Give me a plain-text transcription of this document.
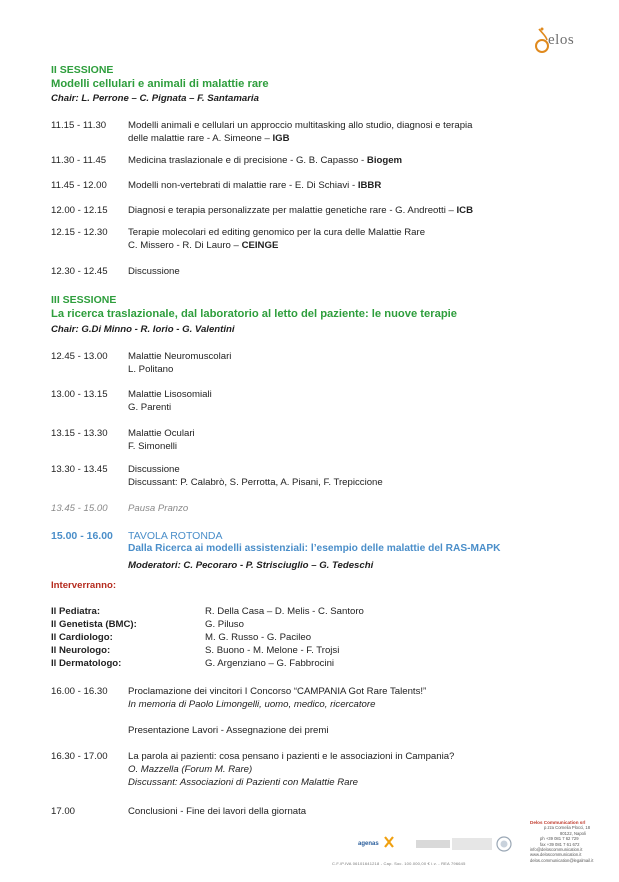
elos
II SESSIONE
Modelli cellulari e animali di malattie rare
Chair: L. Perrone – C. Pignata – F. Santamaria
11.15 - 11.30 Modelli animali e cellulari un approccio multitasking allo studio, diagnosi e terapia
delle malattie rare - A. Simeone – IGB
11.30 - 11.45 Medicina traslazionale e di precisione - G. B. Capasso - Biogem
11.45 - 12.00 Modelli non-vertebrati di malattie rare - E. Di Schiavi - IBBR
12.00 - 12.15 Diagnosi e terapia personalizzate per malattie genetiche rare - G. Andreotti – ICB
12.15 - 12.30 Terapie molecolari ed editing genomico per la cura delle Malattie Rare
C. Missero - R. Di Lauro – CEINGE
12.30 - 12.45 Discussione
III SESSIONE
La ricerca traslazionale, dal laboratorio al letto del paziente: le nuove terapie
Chair: G.Di Minno - R. Iorio - G. Valentini
12.45 - 13.00 Malattie Neuromuscolari
L. Politano
13.00 - 13.15 Malattie Lisosomiali
G. Parenti
13.15 - 13.30 Malattie Oculari
F. Simonelli
13.30 - 13.45 Discussione
Discussant: P. Calabrò, S. Perrotta, A. Pisani, F. Trepiccione
13.45 - 15.00 Pausa Pranzo
15.00 - 16.00 TAVOLA ROTONDA
Dalla Ricerca ai modelli assistenziali: l’esempio delle malattie del RAS-MAPK
Moderatori: C. Pecoraro - P. Strisciuglio – G. Tedeschi
Interverranno:
Il Pediatra:	R. Della Casa – D. Melis - C. Santoro
Il Genetista (BMC):	G. Piluso
Il Cardiologo:	M. G. Russo - G. Pacileo
Il Neurologo:	S. Buono - M. Melone - F. Trojsi
Il Dermatologo:	G. Argenziano – G. Fabbrocini
16.00 - 16.30 Proclamazione dei vincitori I Concorso “CAMPANIA Got Rare Talents!”
In memoria di Paolo Limongelli, uomo, medico, ricercatore
Presentazione Lavori - Assegnazione dei premi
16.30 - 17.00 La parola ai pazienti: cosa pensano i pazienti e le associazioni in Campania?
O. Mazzella (Forum M. Rare)
Discussant: Associazioni di Pazienti con Malattie Rare
17.00	Conclusioni - Fine dei lavori della giornata
agenas
Delos Communication srl
p.zza Cornelia Plocci, 18
80122, Napoli
ph +39 081 7 62 729
fax +39 081 7 61 672
info@deloscommunication.it
www.deloscommunication.it
delos.communication@legalmail.it
C.F./P.IVA 06101641218 - Cap. Soc. 100.000,00 € i.v. - REA 796645
